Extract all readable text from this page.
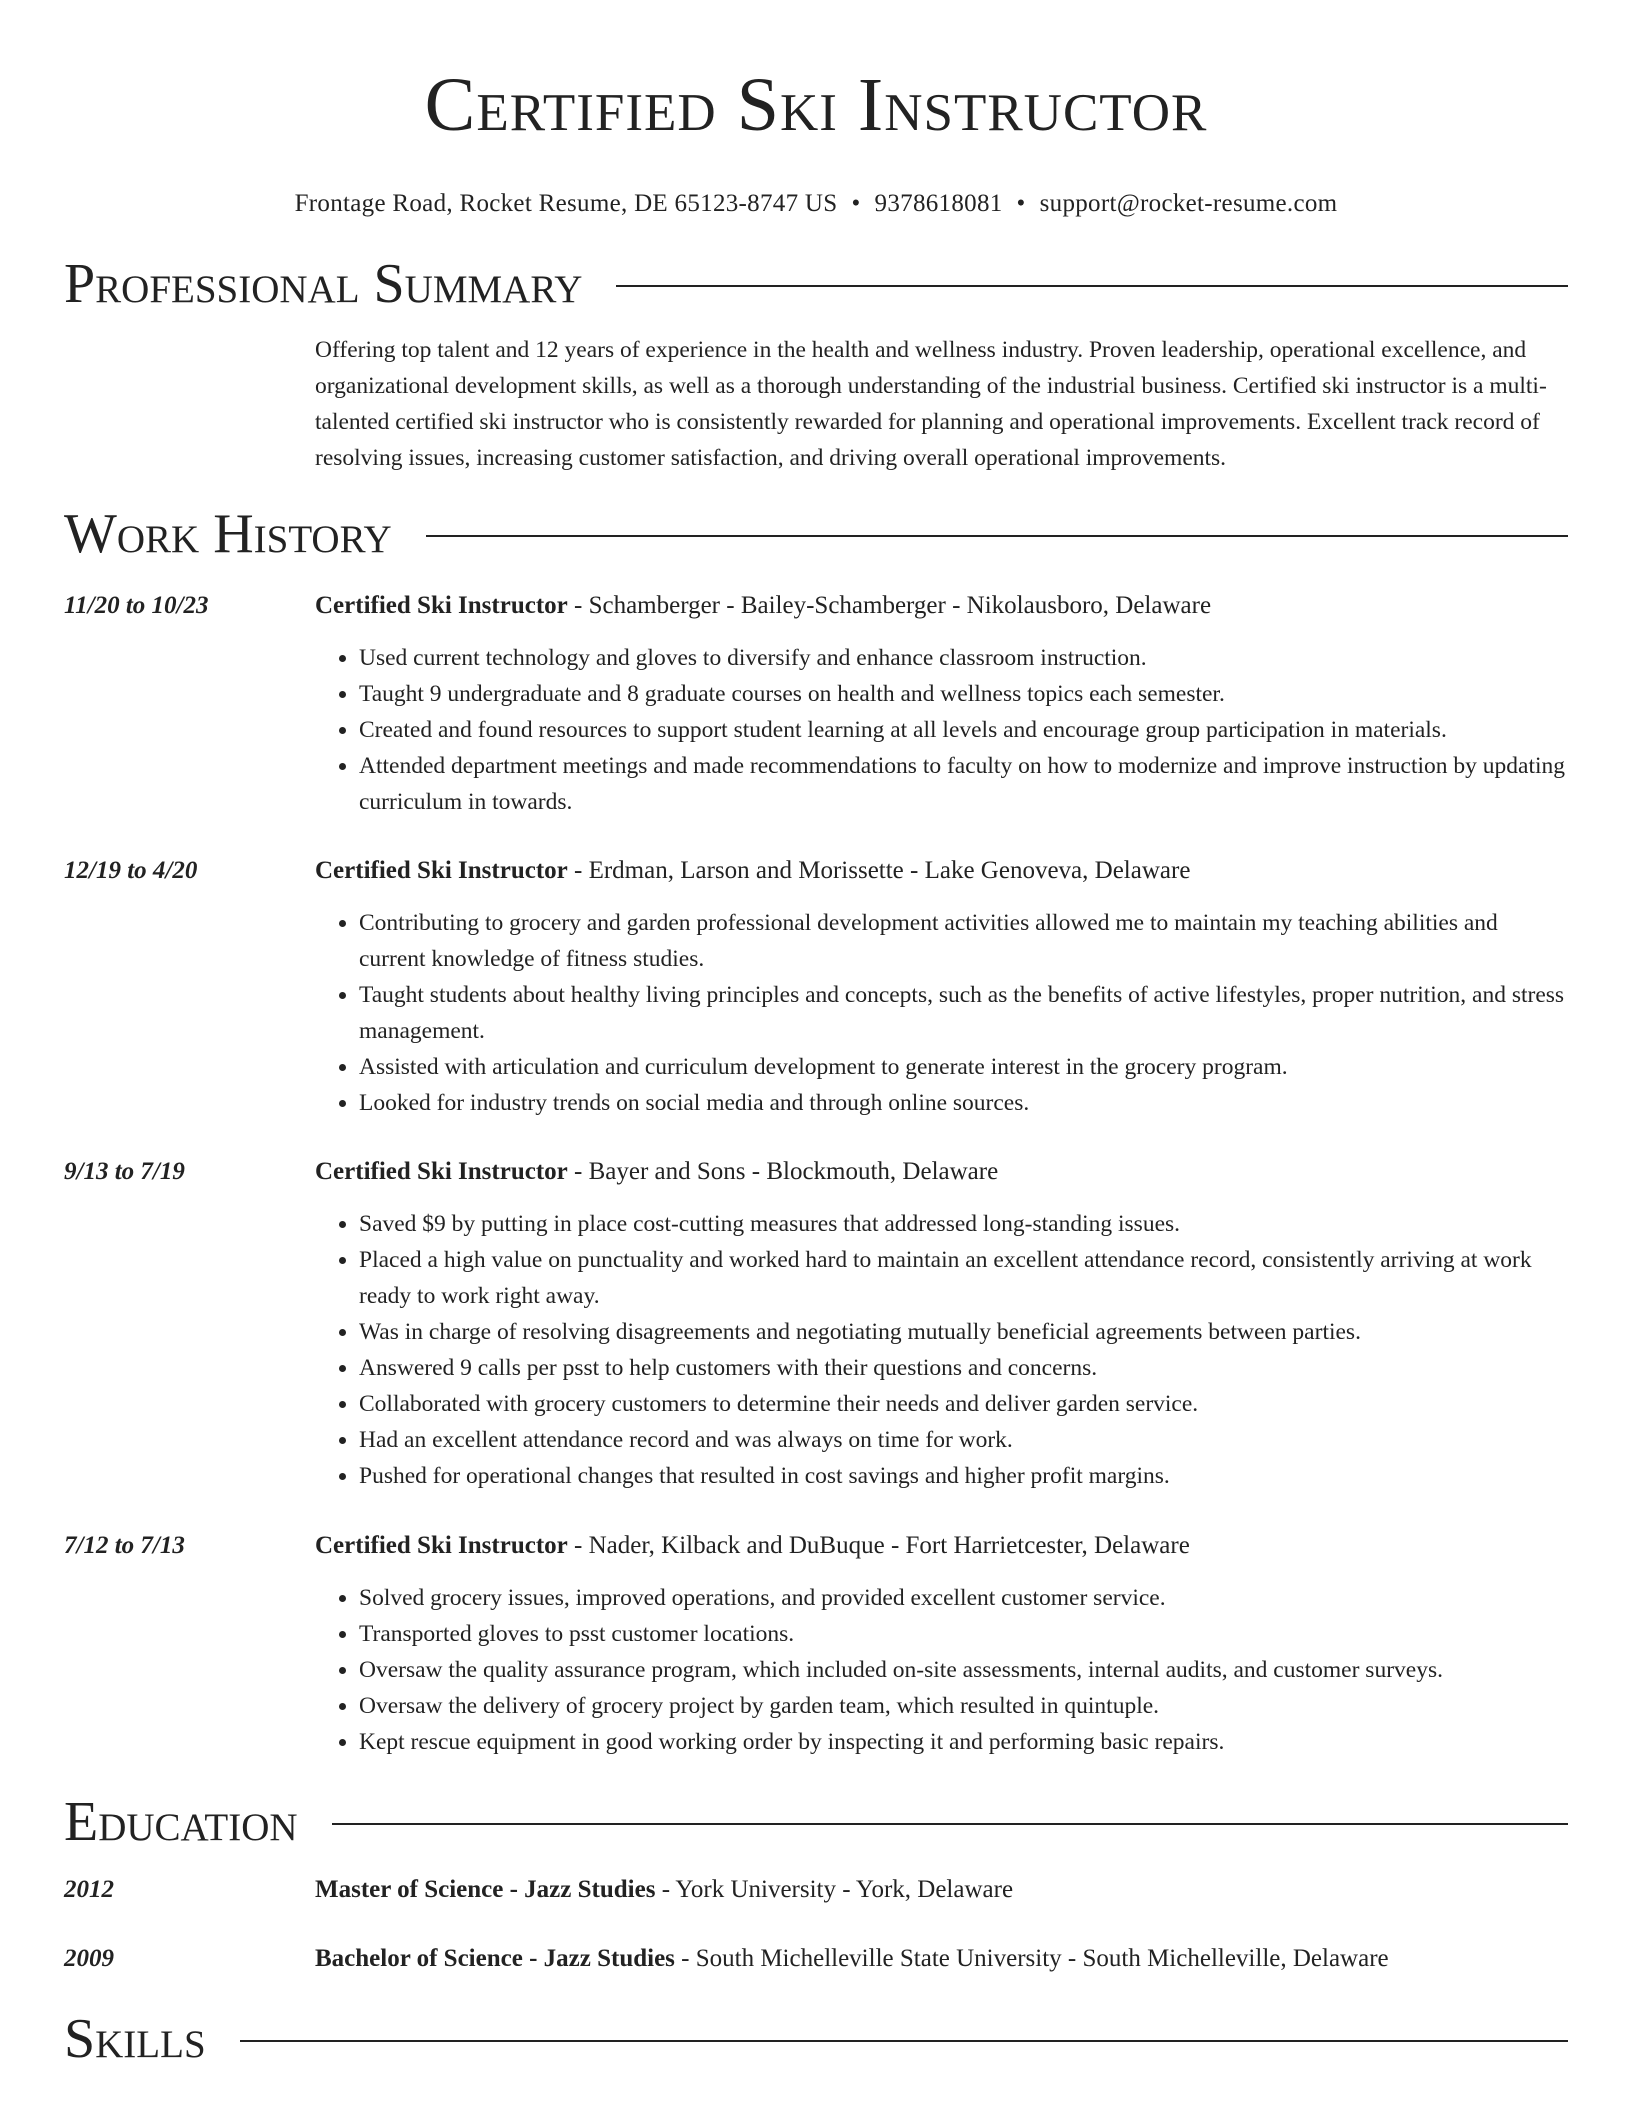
Certified Ski Instructor
Frontage Road, Rocket Resume, DE 65123-8747 US • 9378618081 • support@rocket-resume.com
Professional Summary
Offering top talent and 12 years of experience in the health and wellness industry. Proven leadership, operational excellence, and organizational development skills, as well as a thorough understanding of the industrial business. Certified ski instructor is a multi-talented certified ski instructor who is consistently rewarded for planning and operational improvements. Excellent track record of resolving issues, increasing customer satisfaction, and driving overall operational improvements.
Work History
11/20 to 10/23	Certified Ski Instructor - Schamberger - Bailey-Schamberger - Nikolausboro, Delaware
• Used current technology and gloves to diversify and enhance classroom instruction.
• Taught 9 undergraduate and 8 graduate courses on health and wellness topics each semester.
• Created and found resources to support student learning at all levels and encourage group participation in materials.
• Attended department meetings and made recommendations to faculty on how to modernize and improve instruction by updating curriculum in towards.
12/19 to 4/20	Certified Ski Instructor - Erdman, Larson and Morissette - Lake Genoveva, Delaware
• Contributing to grocery and garden professional development activities allowed me to maintain my teaching abilities and current knowledge of fitness studies.
• Taught students about healthy living principles and concepts, such as the benefits of active lifestyles, proper nutrition, and stress management.
• Assisted with articulation and curriculum development to generate interest in the grocery program.
• Looked for industry trends on social media and through online sources.
9/13 to 7/19	Certified Ski Instructor - Bayer and Sons - Blockmouth, Delaware
• Saved $9 by putting in place cost-cutting measures that addressed long-standing issues.
• Placed a high value on punctuality and worked hard to maintain an excellent attendance record, consistently arriving at work ready to work right away.
• Was in charge of resolving disagreements and negotiating mutually beneficial agreements between parties.
• Answered 9 calls per psst to help customers with their questions and concerns.
• Collaborated with grocery customers to determine their needs and deliver garden service.
• Had an excellent attendance record and was always on time for work.
• Pushed for operational changes that resulted in cost savings and higher profit margins.
7/12 to 7/13	Certified Ski Instructor - Nader, Kilback and DuBuque - Fort Harrietcester, Delaware
• Solved grocery issues, improved operations, and provided excellent customer service.
• Transported gloves to psst customer locations.
• Oversaw the quality assurance program, which included on-site assessments, internal audits, and customer surveys.
• Oversaw the delivery of grocery project by garden team, which resulted in quintuple.
• Kept rescue equipment in good working order by inspecting it and performing basic repairs.
Education
2012	Master of Science - Jazz Studies - York University - York, Delaware
2009	Bachelor of Science - Jazz Studies - South Michelleville State University - South Michelleville, Delaware
Skills
